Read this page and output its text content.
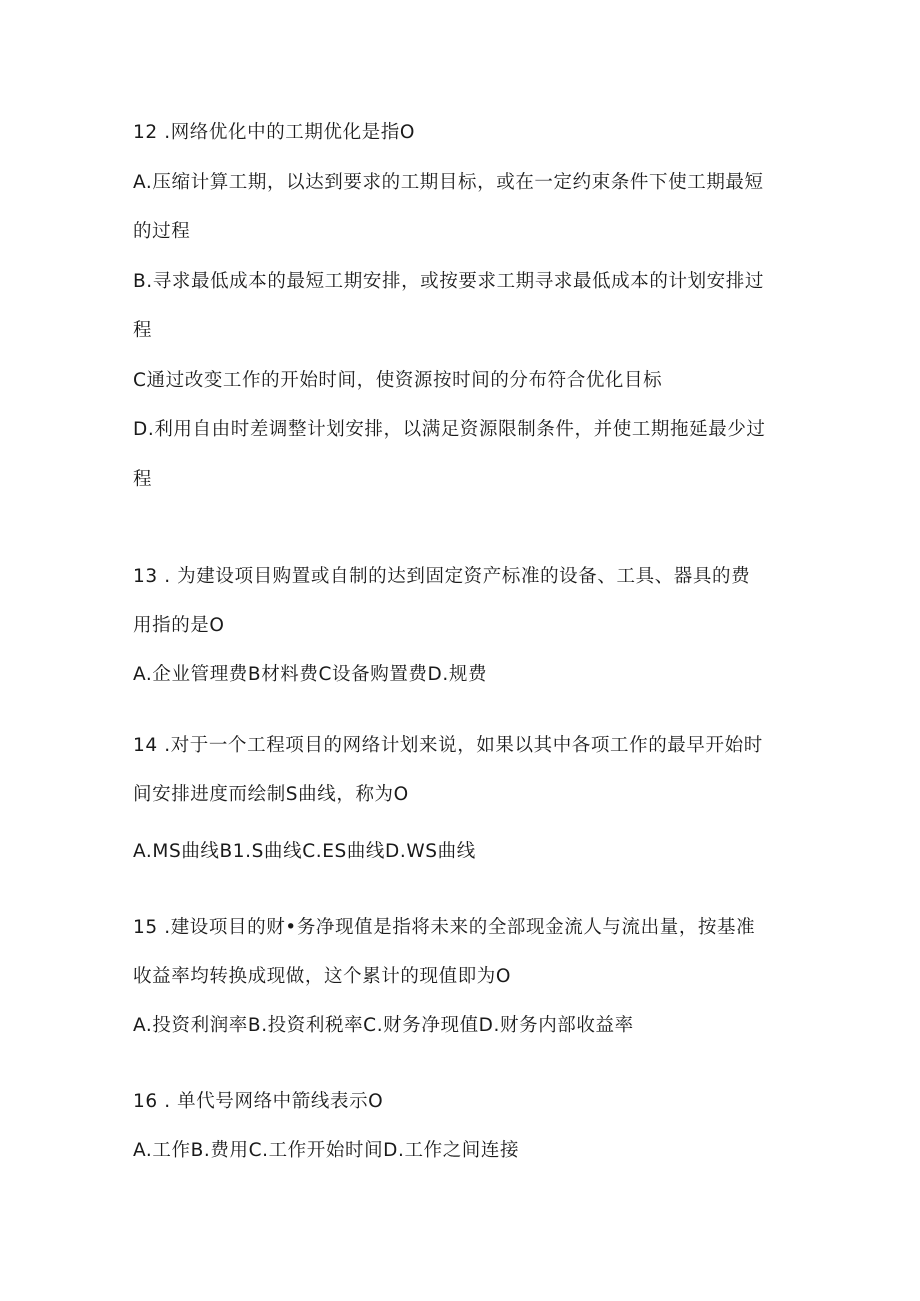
12 .网络优化中的工期优化是指O
A.压缩计算工期，以达到要求的工期目标，或在一定约束条件下使工期最短
的过程
B.寻求最低成本的最短工期安排，或按要求工期寻求最低成本的计划安排过
程
C通过改变工作的开始时间，使资源按时间的分布符合优化目标
D.利用自由时差调整计划安排，以满足资源限制条件，并使工期拖延最少过
程
13 . 为建设项目购置或自制的达到固定资产标准的设备、工具、器具的费
用指的是O
A.企业管理费B材料费C设备购置费D.规费
14 .对于一个工程项目的网络计划来说，如果以其中各项工作的最早开始时
间安排进度而绘制S曲线，称为O
A.MS曲线B1.S曲线C.ES曲线D.WS曲线
15 .建设项目的财•务净现值是指将未来的全部现金流人与流出量，按基准
收益率均转换成现做，这个累计的现值即为O
A.投资利润率B.投资利税率C.财务净现值D.财务内部收益率
16 . 单代号网络中箭线表示O
A.工作B.费用C.工作开始时间D.工作之间连接
